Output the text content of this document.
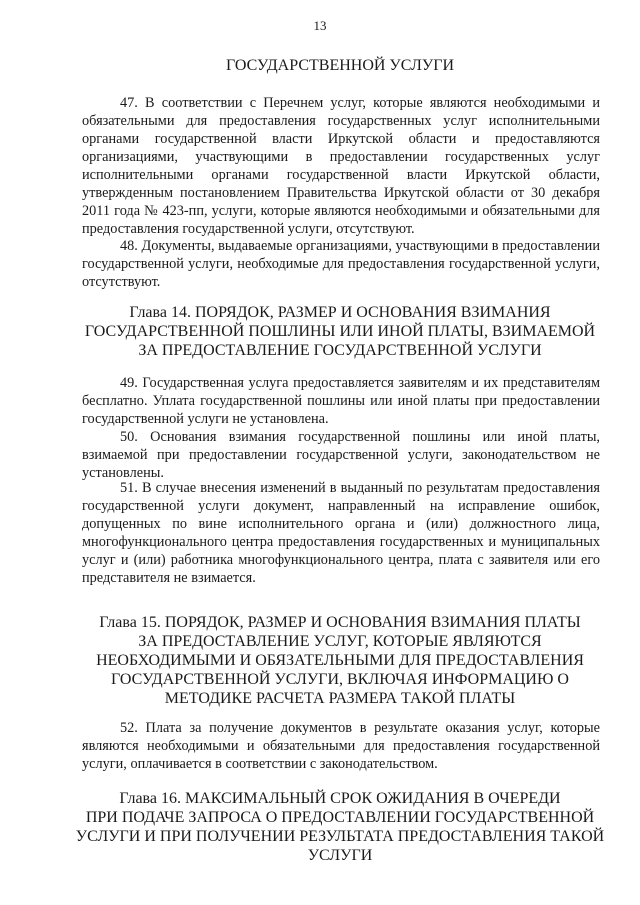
13
ГОСУДАРСТВЕННОЙ УСЛУГИ

47. В соответствии с Перечнем услуг, которые являются необходимыми и обязательными для предоставления государственных услуг исполнительными органами государственной власти Иркутской области и предоставляются организациями, участвующими в предоставлении государственных услуг исполнительными органами государственной власти Иркутской области, утвержденным постановлением Правительства Иркутской области от 30 декабря 2011 года № 423-пп, услуги, которые являются необходимыми и обязательными для предоставления государственной услуги, отсутствуют.

48. Документы, выдаваемые организациями, участвующими в предоставлении государственной услуги, необходимые для предоставления государственной услуги, отсутствуют.

Глава 14. ПОРЯДОК, РАЗМЕР И ОСНОВАНИЯ ВЗИМАНИЯ
ГОСУДАРСТВЕННОЙ ПОШЛИНЫ ИЛИ ИНОЙ ПЛАТЫ, ВЗИМАЕМОЙ
ЗА ПРЕДОСТАВЛЕНИЕ ГОСУДАРСТВЕННОЙ УСЛУГИ

49. Государственная услуга предоставляется заявителям и их представителям бесплатно. Уплата государственной пошлины или иной платы при предоставлении государственной услуги не установлена.

50. Основания взимания государственной пошлины или иной платы, взимаемой при предоставлении государственной услуги, законодательством не установлены.

51. В случае внесения изменений в выданный по результатам предоставления государственной услуги документ, направленный на исправление ошибок, допущенных по вине исполнительного органа и (или) должностного лица, многофункционального центра предоставления государственных и муниципальных услуг и (или) работника многофункционального центра, плата с заявителя или его представителя не взимается.

Глава 15. ПОРЯДОК, РАЗМЕР И ОСНОВАНИЯ ВЗИМАНИЯ ПЛАТЫ
ЗА ПРЕДОСТАВЛЕНИЕ УСЛУГ, КОТОРЫЕ ЯВЛЯЮТСЯ
НЕОБХОДИМЫМИ И ОБЯЗАТЕЛЬНЫМИ ДЛЯ ПРЕДОСТАВЛЕНИЯ
ГОСУДАРСТВЕННОЙ УСЛУГИ, ВКЛЮЧАЯ ИНФОРМАЦИЮ О
МЕТОДИКЕ РАСЧЕТА РАЗМЕРА ТАКОЙ ПЛАТЫ

52. Плата за получение документов в результате оказания услуг, которые являются необходимыми и обязательными для предоставления государственной услуги, оплачивается в соответствии с законодательством.

Глава 16. МАКСИМАЛЬНЫЙ СРОК ОЖИДАНИЯ В ОЧЕРЕДИ
ПРИ ПОДАЧЕ ЗАПРОСА О ПРЕДОСТАВЛЕНИИ ГОСУДАРСТВЕННОЙ
УСЛУГИ И ПРИ ПОЛУЧЕНИИ РЕЗУЛЬТАТА ПРЕДОСТАВЛЕНИЯ ТАКОЙ
УСЛУГИ
